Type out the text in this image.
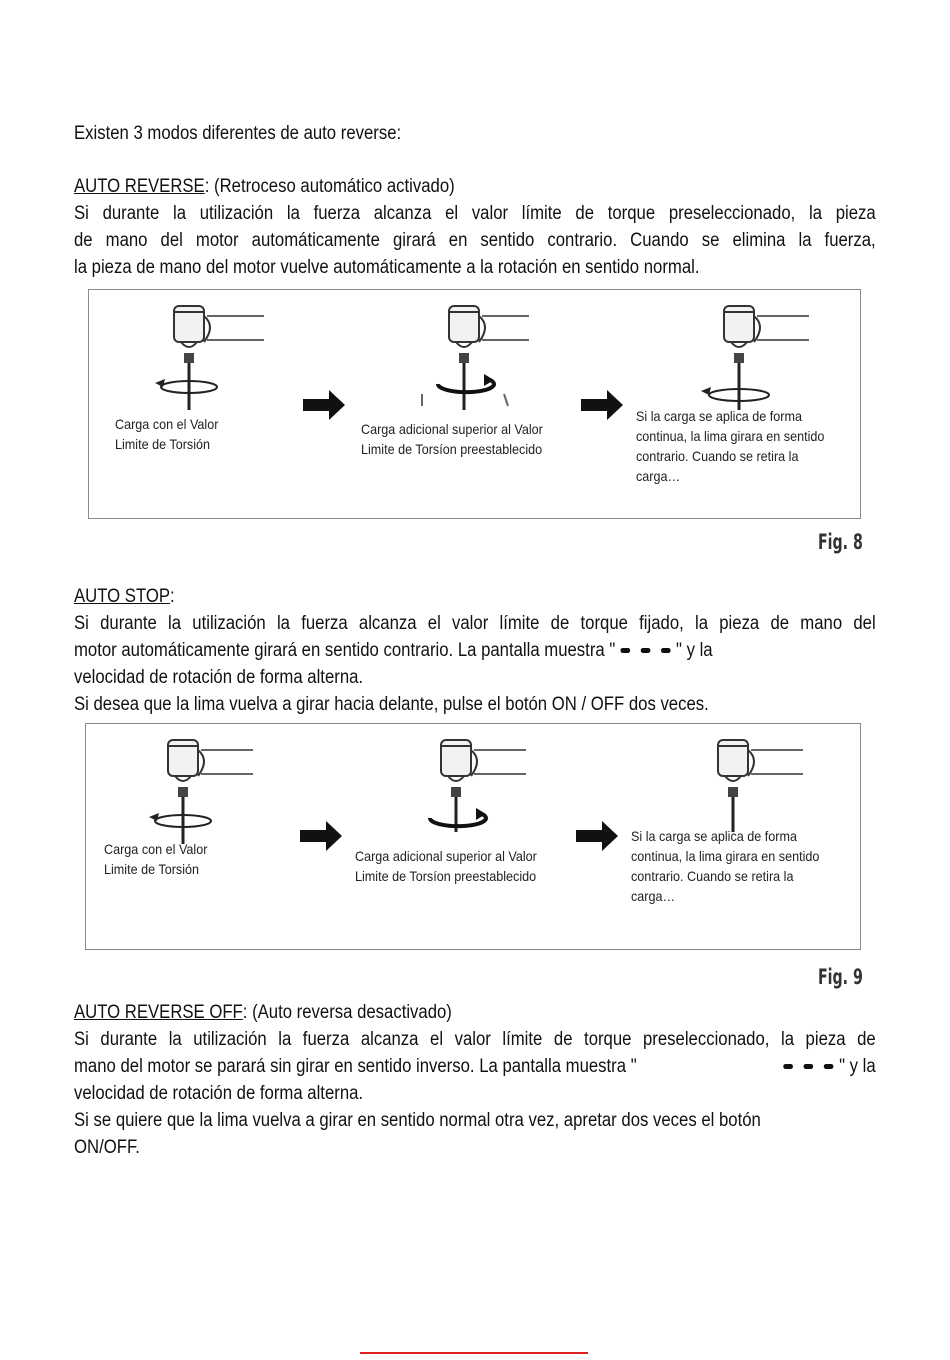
Existen 3 modos diferentes de auto reverse:

AUTO REVERSE: (Retroceso automático activado)
Si durante la utilización la fuerza alcanza el valor límite de torque preseleccionado, la pieza
de mano del motor automáticamente girará en sentido contrario. Cuando se elimina la fuerza,
la pieza de mano del motor vuelve automáticamente a la rotación en sentido normal.
Carga con el Valor
Limite de Torsión
Carga adicional superior al Valor
Limite de Torsíon preestablecido
Si la carga se aplica de forma
continua, la lima girara en sentido
contrario. Cuando se retira la
carga…
Fig. 8
AUTO STOP:
Si durante la utilización la fuerza alcanza el valor límite de torque fijado, la pieza de mano del
motor automáticamente girará en sentido contrario. La pantalla muestra "	" y la
velocidad de rotación de forma alterna.
Si desea que la lima vuelva a girar hacia delante, pulse el botón ON / OFF dos veces.
Carga con el Valor
Limite de Torsión
Carga adicional superior al Valor
Limite de Torsíon preestablecido
Si la carga se aplica de forma
continua, la lima girara en sentido
contrario. Cuando se retira la
carga…
Fig. 9
AUTO REVERSE OFF: (Auto reversa desactivado)
Si durante la utilización la fuerza alcanza el valor límite de torque preseleccionado, la pieza de
mano del motor se parará sin girar en sentido inverso. La pantalla muestra "	" y la
velocidad de rotación de forma alterna.
Si se quiere que la lima vuelva a girar en sentido normal otra vez, apretar dos veces el botón
ON/OFF.
